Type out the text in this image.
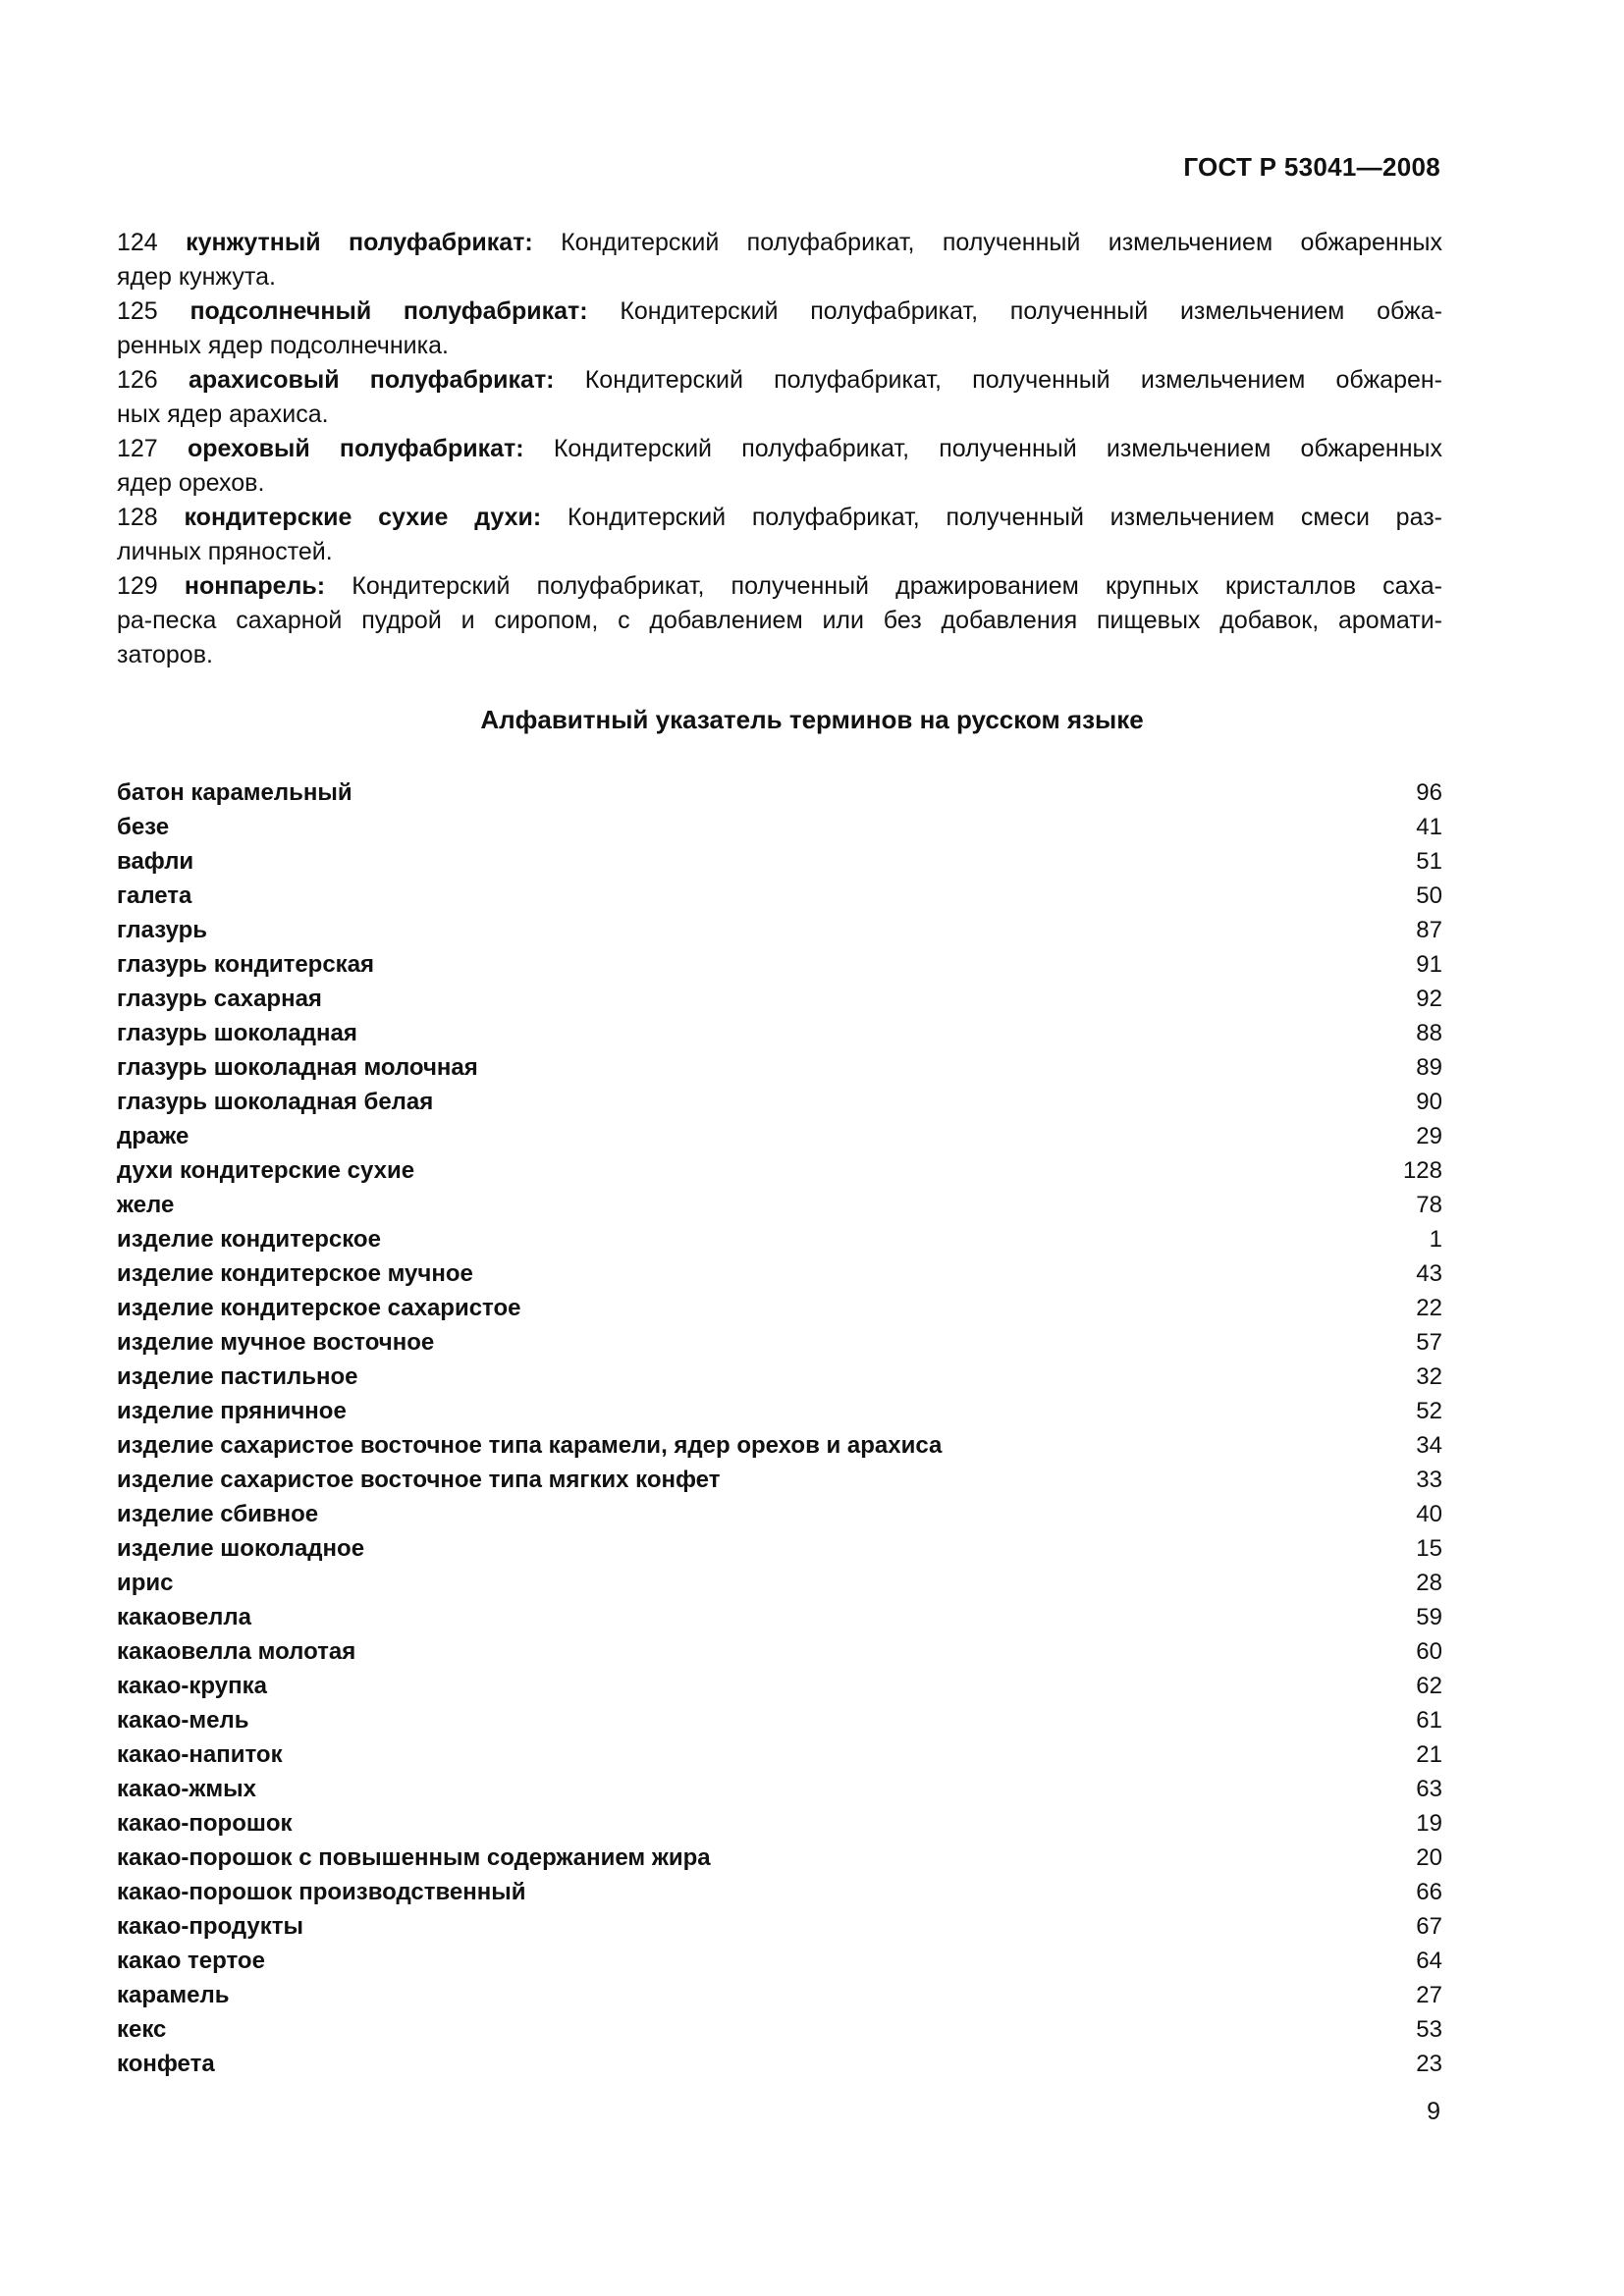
ГОСТ Р 53041—2008
124 кунжутный полуфабрикат: Кондитерский полуфабрикат, полученный измельчением обжаренных
ядер кунжута.
125 подсолнечный полуфабрикат: Кондитерский полуфабрикат, полученный измельчением обжа-
ренных ядер подсолнечника.
126 арахисовый полуфабрикат: Кондитерский полуфабрикат, полученный измельчением обжарен-
ных ядер арахиса.
127 ореховый полуфабрикат: Кондитерский полуфабрикат, полученный измельчением обжаренных
ядер орехов.
128 кондитерские сухие духи: Кондитерский полуфабрикат, полученный измельчением смеси раз-
личных пряностей.
129 нонпарель: Кондитерский полуфабрикат, полученный дражированием крупных кристаллов саха-
ра-песка сахарной пудрой и сиропом, с добавлением или без добавления пищевых добавок, аромати-
заторов.
Алфавитный указатель терминов на русском языке
батон карамельный	96
безе	41
вафли	51
галета	50
глазурь	87
глазурь кондитерская	91
глазурь сахарная	92
глазурь шоколадная	88
глазурь шоколадная молочная	89
глазурь шоколадная белая	90
драже	29
духи кондитерские сухие	128
желе	78
изделие кондитерское	1
изделие кондитерское мучное	43
изделие кондитерское сахаристое	22
изделие мучное восточное	57
изделие пастильное	32
изделие пряничное	52
изделие сахаристое восточное типа карамели, ядер орехов и арахиса	34
изделие сахаристое восточное типа мягких конфет	33
изделие сбивное	40
изделие шоколадное	15
ирис	28
какаовелла	59
какаовелла молотая	60
какао-крупка	62
какао-мель	61
какао-напиток	21
какао-жмых	63
какао-порошок	19
какао-порошок с повышенным содержанием жира	20
какао-порошок производственный	66
какао-продукты	67
какао тертое	64
карамель	27
кекс	53
конфета	23
9
